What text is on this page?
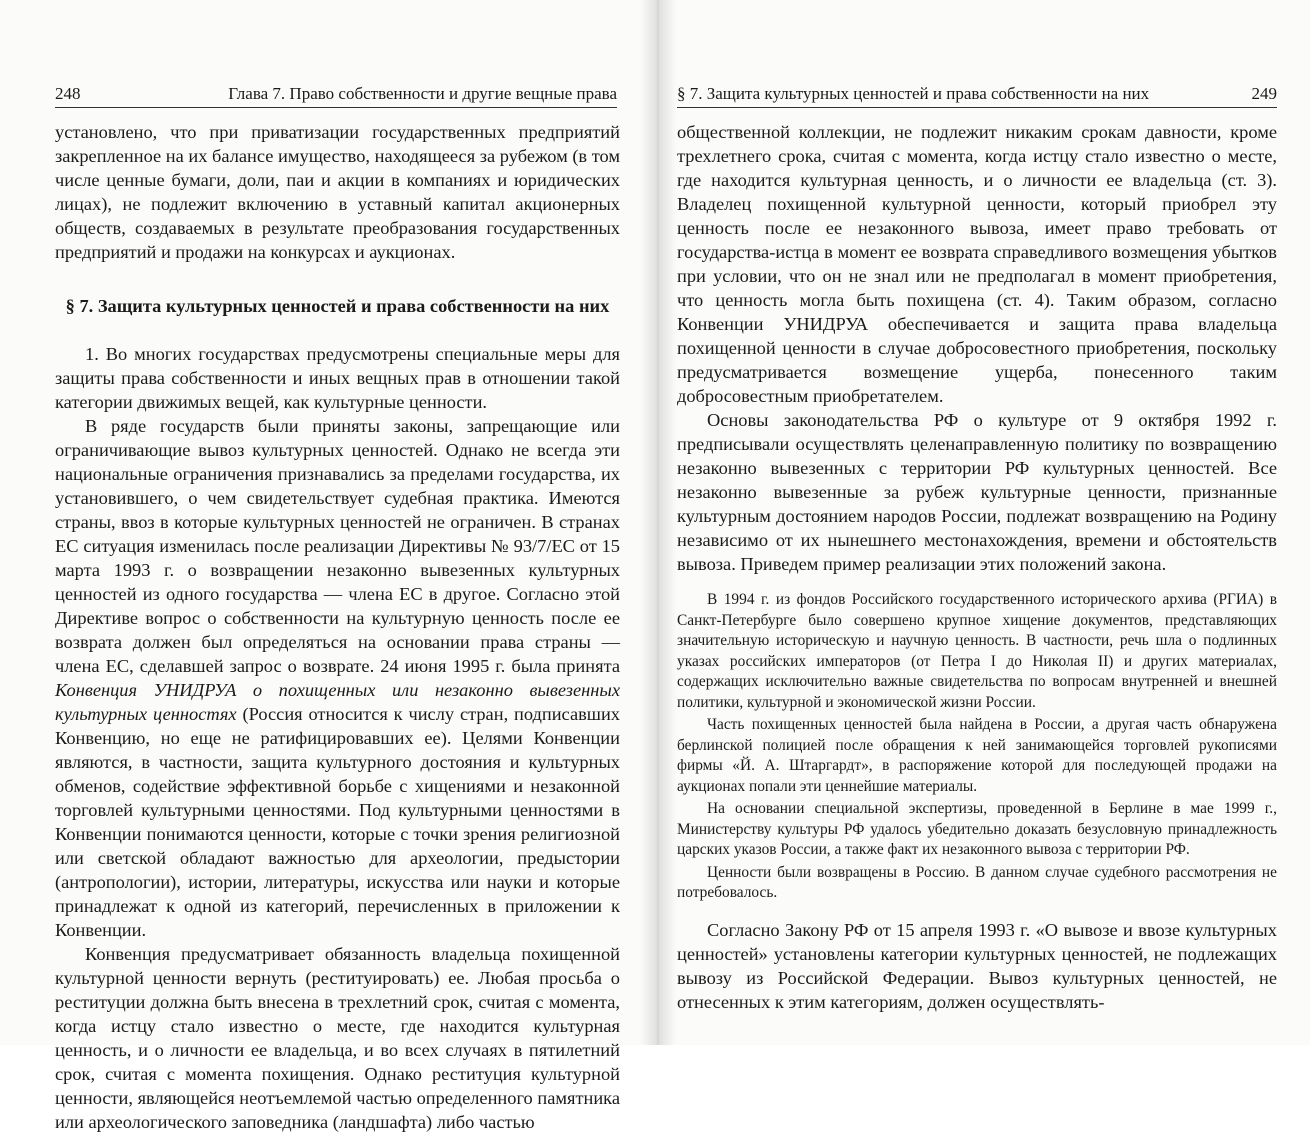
248	Глава 7. Право собственности и другие вещные права

установлено, что при приватизации государственных предприятий закрепленное на их балансе имущество, находящееся за рубежом (в том числе ценные бумаги, доли, паи и акции в компаниях и юридических лицах), не подлежит включению в уставный капитал акционерных обществ, создаваемых в результате преобразования государственных предприятий и продажи на конкурсах и аукционах.

§ 7. Защита культурных ценностей и права собственности на них

1. Во многих государствах предусмотрены специальные меры для защиты права собственности и иных вещных прав в отношении такой категории движимых вещей, как культурные ценности.

В ряде государств были приняты законы, запрещающие или ограничивающие вывоз культурных ценностей. Однако не всегда эти национальные ограничения признавались за пределами государства, их установившего, о чем свидетельствует судебная практика. Имеются страны, ввоз в которые культурных ценностей не ограничен. В странах ЕС ситуация изменилась после реализации Директивы № 93/7/ЕС от 15 марта 1993 г. о возвращении незаконно вывезенных культурных ценностей из одного государства — члена ЕС в другое. Согласно этой Директиве вопрос о собственности на культурную ценность после ее возврата должен был определяться на основании права страны — члена ЕС, сделавшей запрос о возврате. 24 июня 1995 г. была принята Конвенция УНИДРУА о похищенных или незаконно вывезенных культурных ценностях (Россия относится к числу стран, подписавших Конвенцию, но еще не ратифицировавших ее). Целями Конвенции являются, в частности, защита культурного достояния и культурных обменов, содействие эффективной борьбе с хищениями и незаконной торговлей культурными ценностями. Под культурными ценностями в Конвенции понимаются ценности, которые с точки зрения религиозной или светской обладают важностью для археологии, предыстории (антропологии), истории, литературы, искусства или науки и которые принадлежат к одной из категорий, перечисленных в приложении к Конвенции.

Конвенция предусматривает обязанность владельца похищенной культурной ценности вернуть (реституировать) ее. Любая просьба о реституции должна быть внесена в трехлетний срок, считая с момента, когда истцу стало известно о месте, где находится культурная ценность, и о личности ее владельца, и во всех случаях в пятилетний срок, считая с момента похищения. Однако реституция культурной ценности, являющейся неотъемлемой частью определенного памятника или археологического заповедника (ландшафта) либо частью

§ 7. Защита культурных ценностей и права собственности на них	249

общественной коллекции, не подлежит никаким срокам давности, кроме трехлетнего срока, считая с момента, когда истцу стало известно о месте, где находится культурная ценность, и о личности ее владельца (ст. 3). Владелец похищенной культурной ценности, который приобрел эту ценность после ее незаконного вывоза, имеет право требовать от государства-истца в момент ее возврата справедливого возмещения убытков при условии, что он не знал или не предполагал в момент приобретения, что ценность могла быть похищена (ст. 4). Таким образом, согласно Конвенции УНИДРУА обеспечивается и защита права владельца похищенной ценности в случае добросовестного приобретения, поскольку предусматривается возмещение ущерба, понесенного таким добросовестным приобретателем.

Основы законодательства РФ о культуре от 9 октября 1992 г. предписывали осуществлять целенаправленную политику по возвращению незаконно вывезенных с территории РФ культурных ценностей. Все незаконно вывезенные за рубеж культурные ценности, признанные культурным достоянием народов России, подлежат возвращению на Родину независимо от их нынешнего местонахождения, времени и обстоятельств вывоза. Приведем пример реализации этих положений закона.

В 1994 г. из фондов Российского государственного исторического архива (РГИА) в Санкт-Петербурге было совершено крупное хищение документов, представляющих значительную историческую и научную ценность. В частности, речь шла о подлинных указах российских императоров (от Петра I до Николая II) и других материалах, содержащих исключительно важные свидетельства по вопросам внутренней и внешней политики, культурной и экономической жизни России.

Часть похищенных ценностей была найдена в России, а другая часть обнаружена берлинской полицией после обращения к ней занимающейся торговлей рукописями фирмы «Й. А. Штаргардт», в распоряжение которой для последующей продажи на аукционах попали эти ценнейшие материалы.

На основании специальной экспертизы, проведенной в Берлине в мае 1999 г., Министерству культуры РФ удалось убедительно доказать безусловную принадлежность царских указов России, а также факт их незаконного вывоза с территории РФ.

Ценности были возвращены в Россию. В данном случае судебного рассмотрения не потребовалось.

Согласно Закону РФ от 15 апреля 1993 г. «О вывозе и ввозе культурных ценностей» установлены категории культурных ценностей, не подлежащих вывозу из Российской Федерации. Вывоз культурных ценностей, не отнесенных к этим категориям, должен осуществлять-
